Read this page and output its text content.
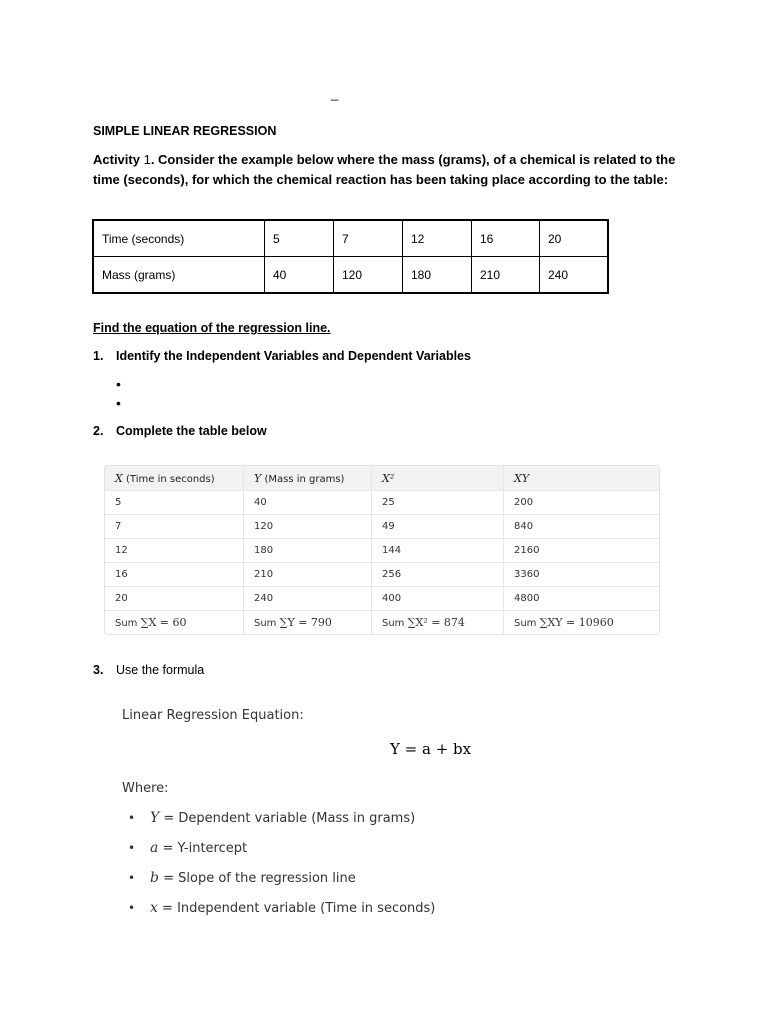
_
SIMPLE LINEAR REGRESSION
Activity 1. Consider the example below where the mass (grams), of a chemical is related to the time (seconds), for which the chemical reaction has been taking place according to the table:
Time (seconds)	5	7	12	16	20
Mass (grams)	40	120	180	210	240
Find the equation of the regression line.
1. Identify the Independent Variables and Dependent Variables
•
•
2. Complete the table below
X (Time in seconds)	Y (Mass in grams)	X²	XY
5	40	25	200
7	120	49	840
12	180	144	2160
16	210	256	3360
20	240	400	4800
Sum ∑X = 60	Sum ∑Y = 790	Sum ∑X² = 874	Sum ∑XY = 10960
3. Use the formula
Linear Regression Equation:
Y = a + bx
Where:
• Y = Dependent variable (Mass in grams)
• a = Y-intercept
• b = Slope of the regression line
• x = Independent variable (Time in seconds)
